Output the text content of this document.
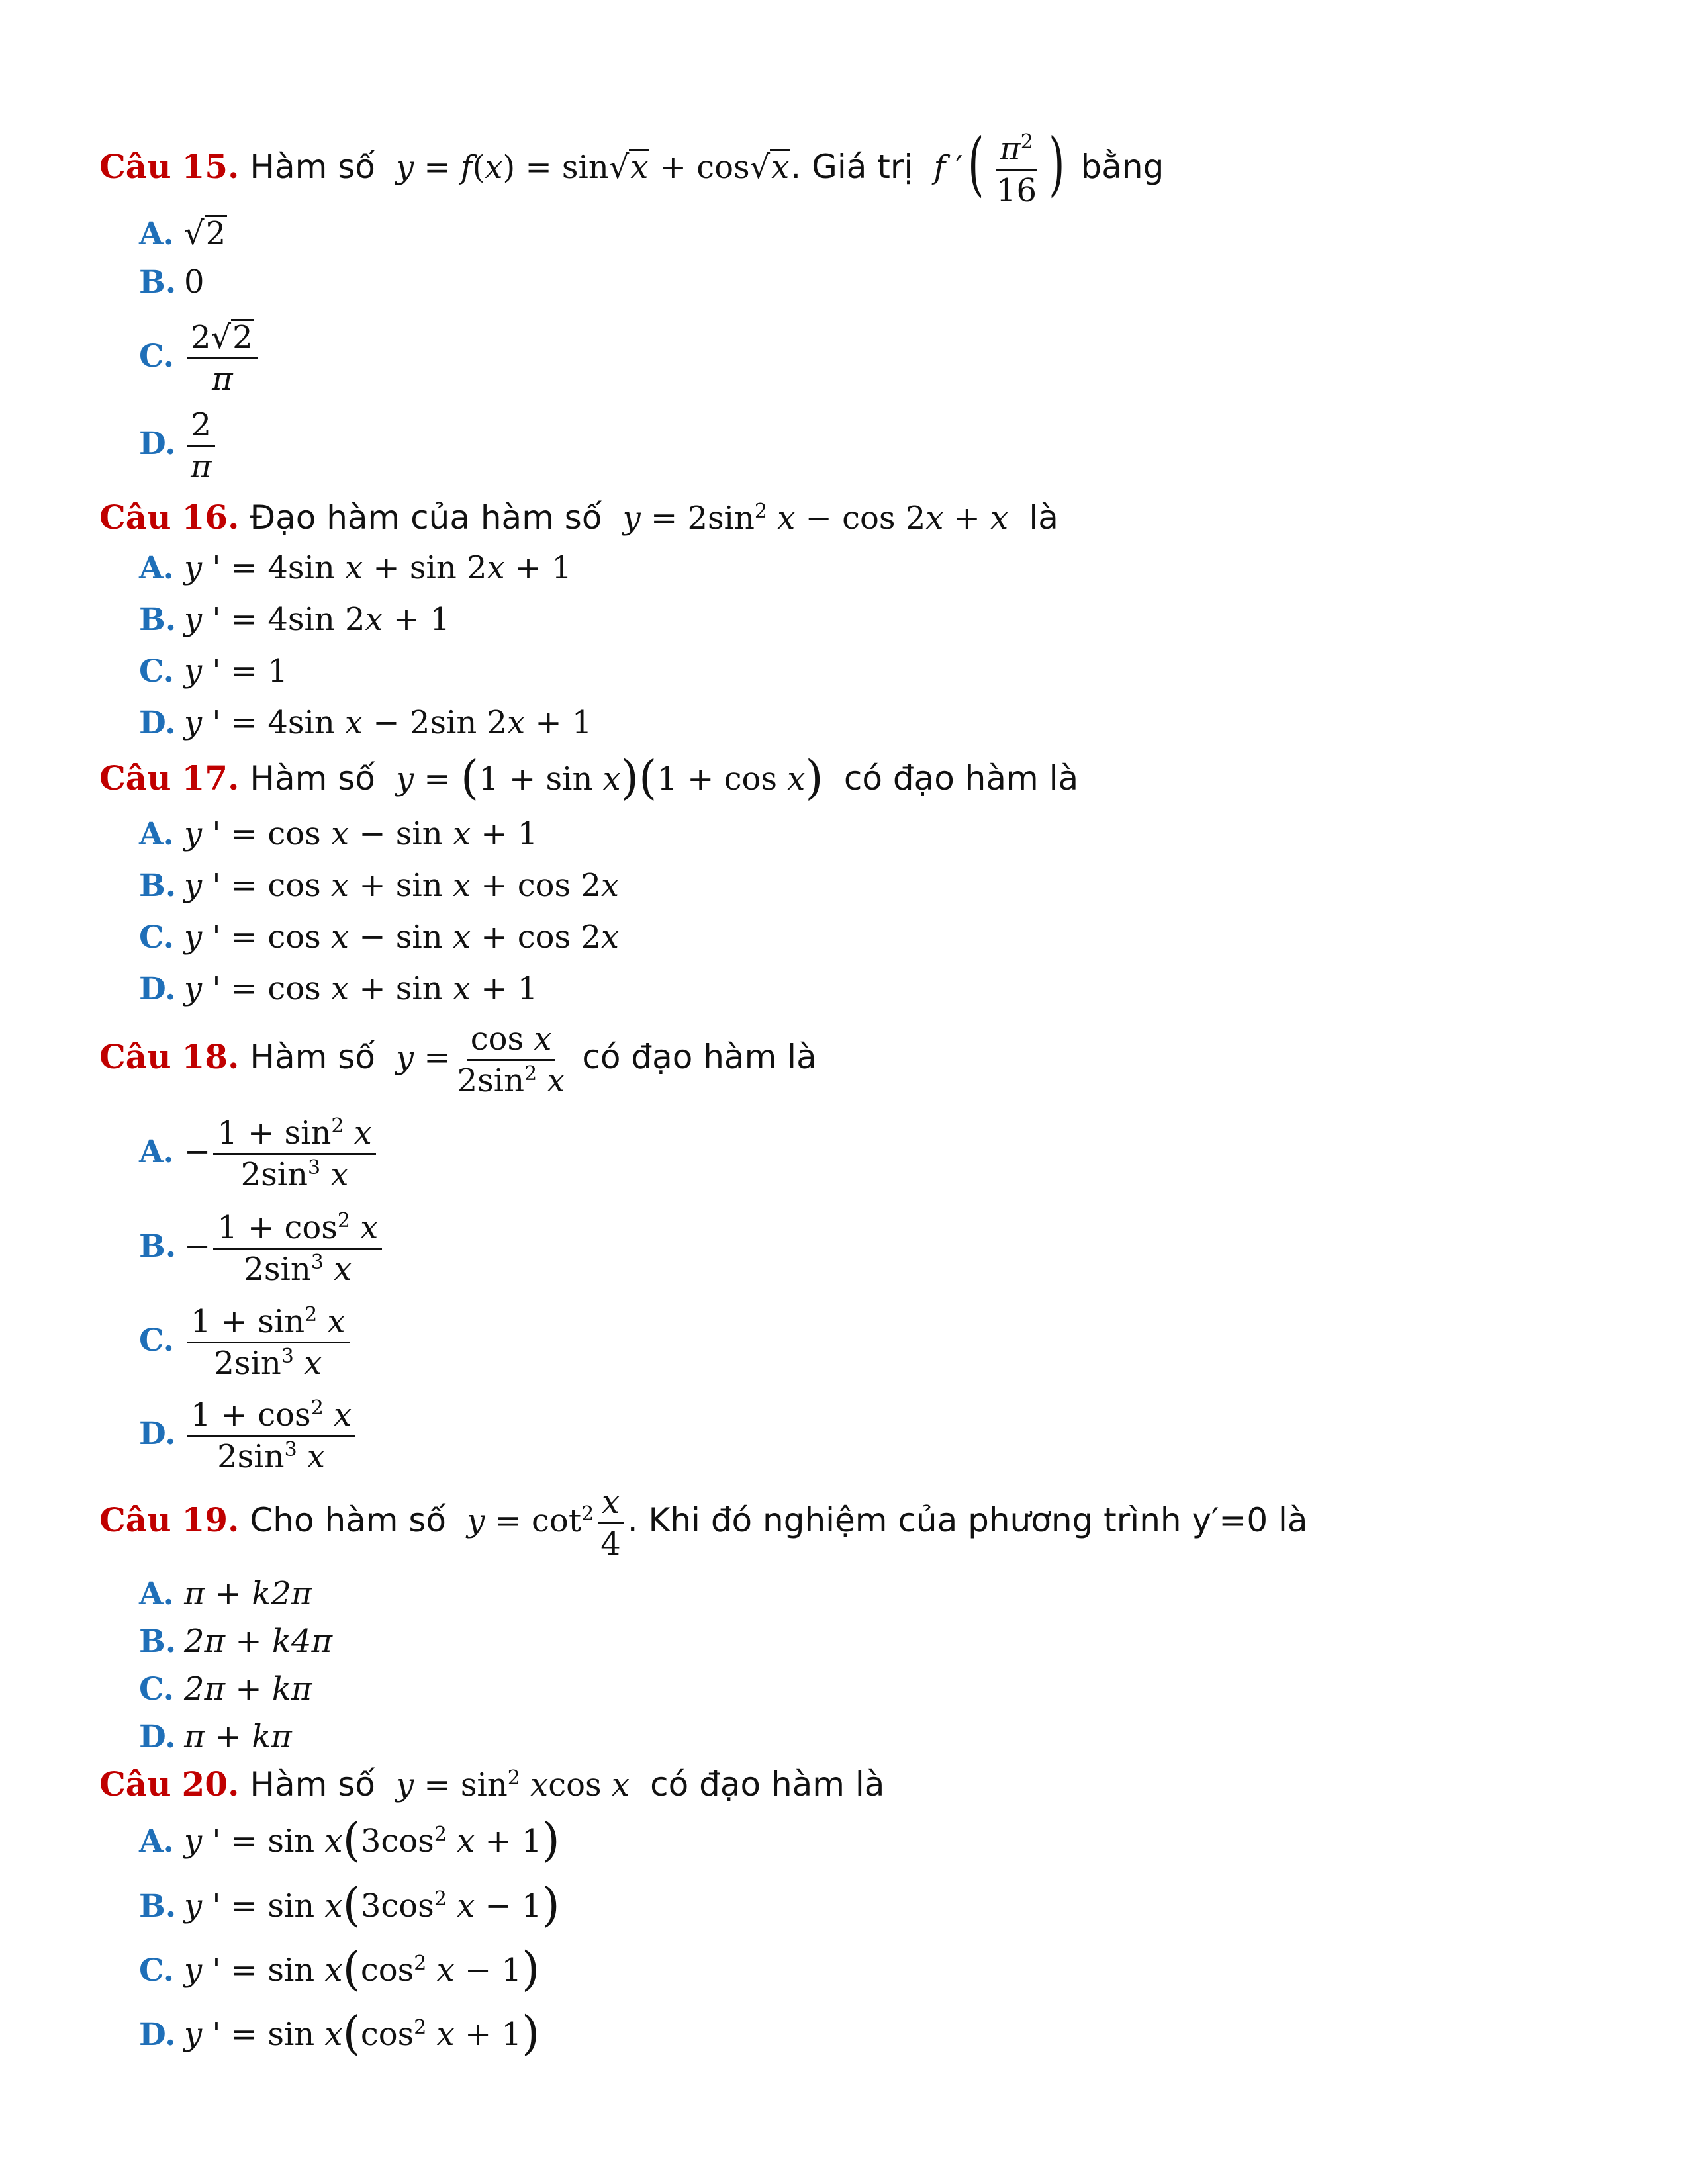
Câu 15. Hàm số y = f(x) = sin√x + cos√x. Giá trị f ′( $\frac{\pi^2}{16}$ ) bằng
A. √2
B. 0
C. $\frac{2√2}{\pi}$
D. $\frac{2}{\pi}$
Câu 16. Đạo hàm của hàm số $y = 2\sin^2$ x − cos 2x + x là
A. y ' = 4sin x + sin 2x + 1
B. y ' = 4sin 2x + 1
C. y ' = 1
D. y ' = 4sin x − 2sin 2x + 1
Câu 17. Hàm số y = (1 + sin x)(1 + cos x) có đạo hàm là
A. y ' = cos x − sin x + 1
B. y ' = cos x + sin x + cos 2x
C. y ' = cos x − sin x + cos 2x
D. y ' = cos x + sin x + 1
Câu 18. Hàm số $y = \frac{\text{cos x}}{2\sin^2 x}$ có đạo hàm là
A. − $\frac{1 + \sin^2 x}{2\sin^3 x}$
B. − $\frac{1 + \cos^2 x}{2\sin^3 x}$
C. $\frac{1 + \sin^2 x}{2\sin^3 x}$
D. $\frac{1 + \cos^2 x}{2\sin^3 x}$
Câu 19. Cho hàm số $y = \cot^2 \frac{x}{4}$ . Khi đó nghiệm của phương trình y′=0 là
A. π + k2π
B. 2π + k4π
C. 2π + kπ
D. π + kπ
Câu 20. Hàm số $y = \sin^2 xcos$ x có đạo hàm là
A. y ' = $\sin x(3\cos^2$ x + 1)
B. y ' = $\sin x(3\cos^2$ x − 1)
C. y ' = $\sin x(\cos^2$ x − 1)
D. y ' = $\sin x(\cos^2$ x + 1)
